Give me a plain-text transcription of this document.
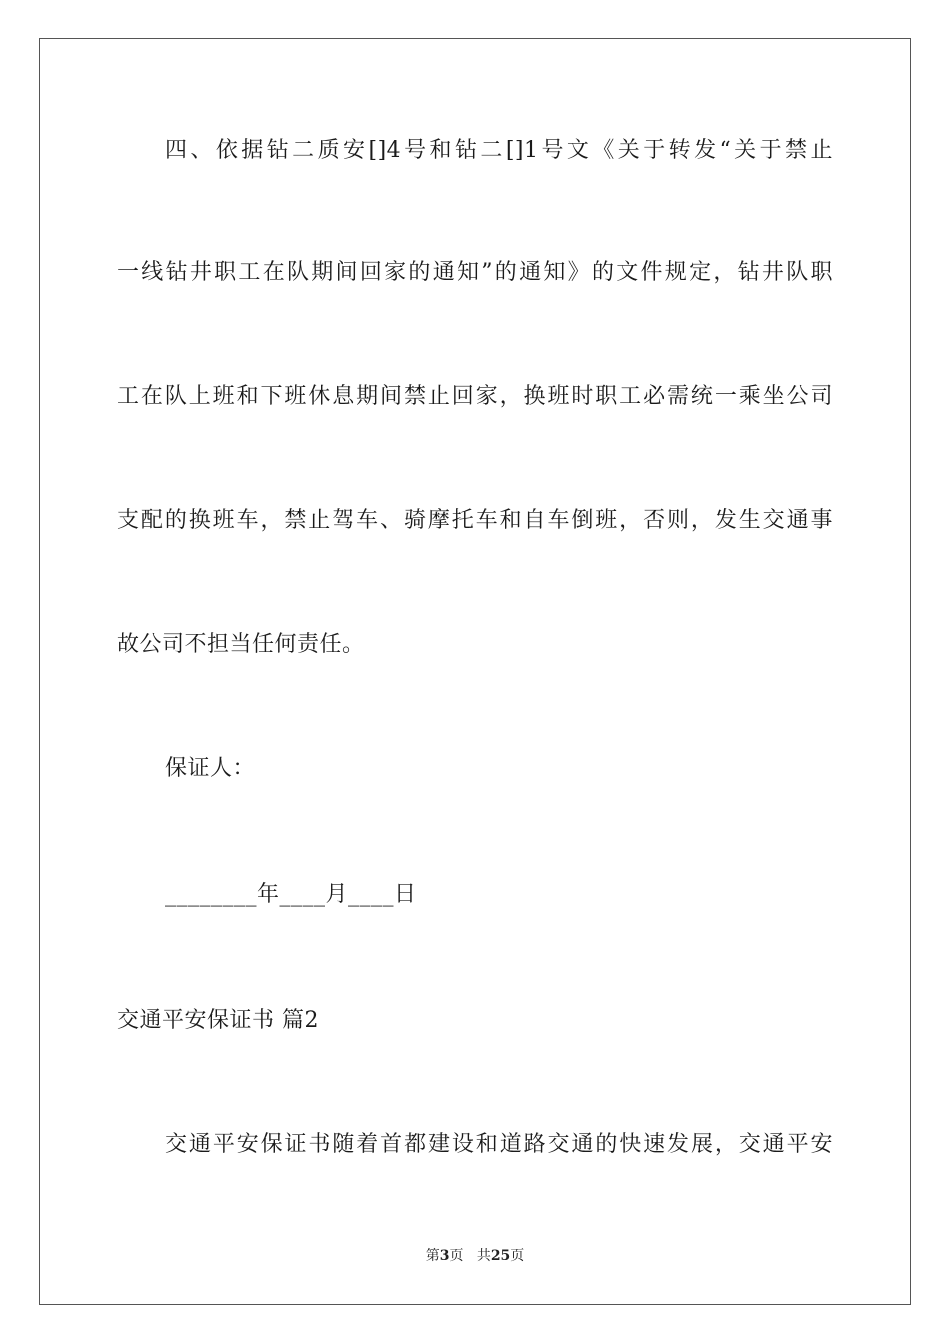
四、依据钻二质安[]4号和钻二[]1号文《关于转发“关于禁止
一线钻井职工在队期间回家的通知”的通知》的文件规定，钻井队职
工在队上班和下班休息期间禁止回家，换班时职工必需统一乘坐公司
支配的换班车，禁止驾车、骑摩托车和自车倒班，否则，发生交通事
故公司不担当任何责任。
保证人：
________年____月____日
交通平安保证书 篇2
交通平安保证书随着首都建设和道路交通的快速发展，交通平安
第3页 共25页
